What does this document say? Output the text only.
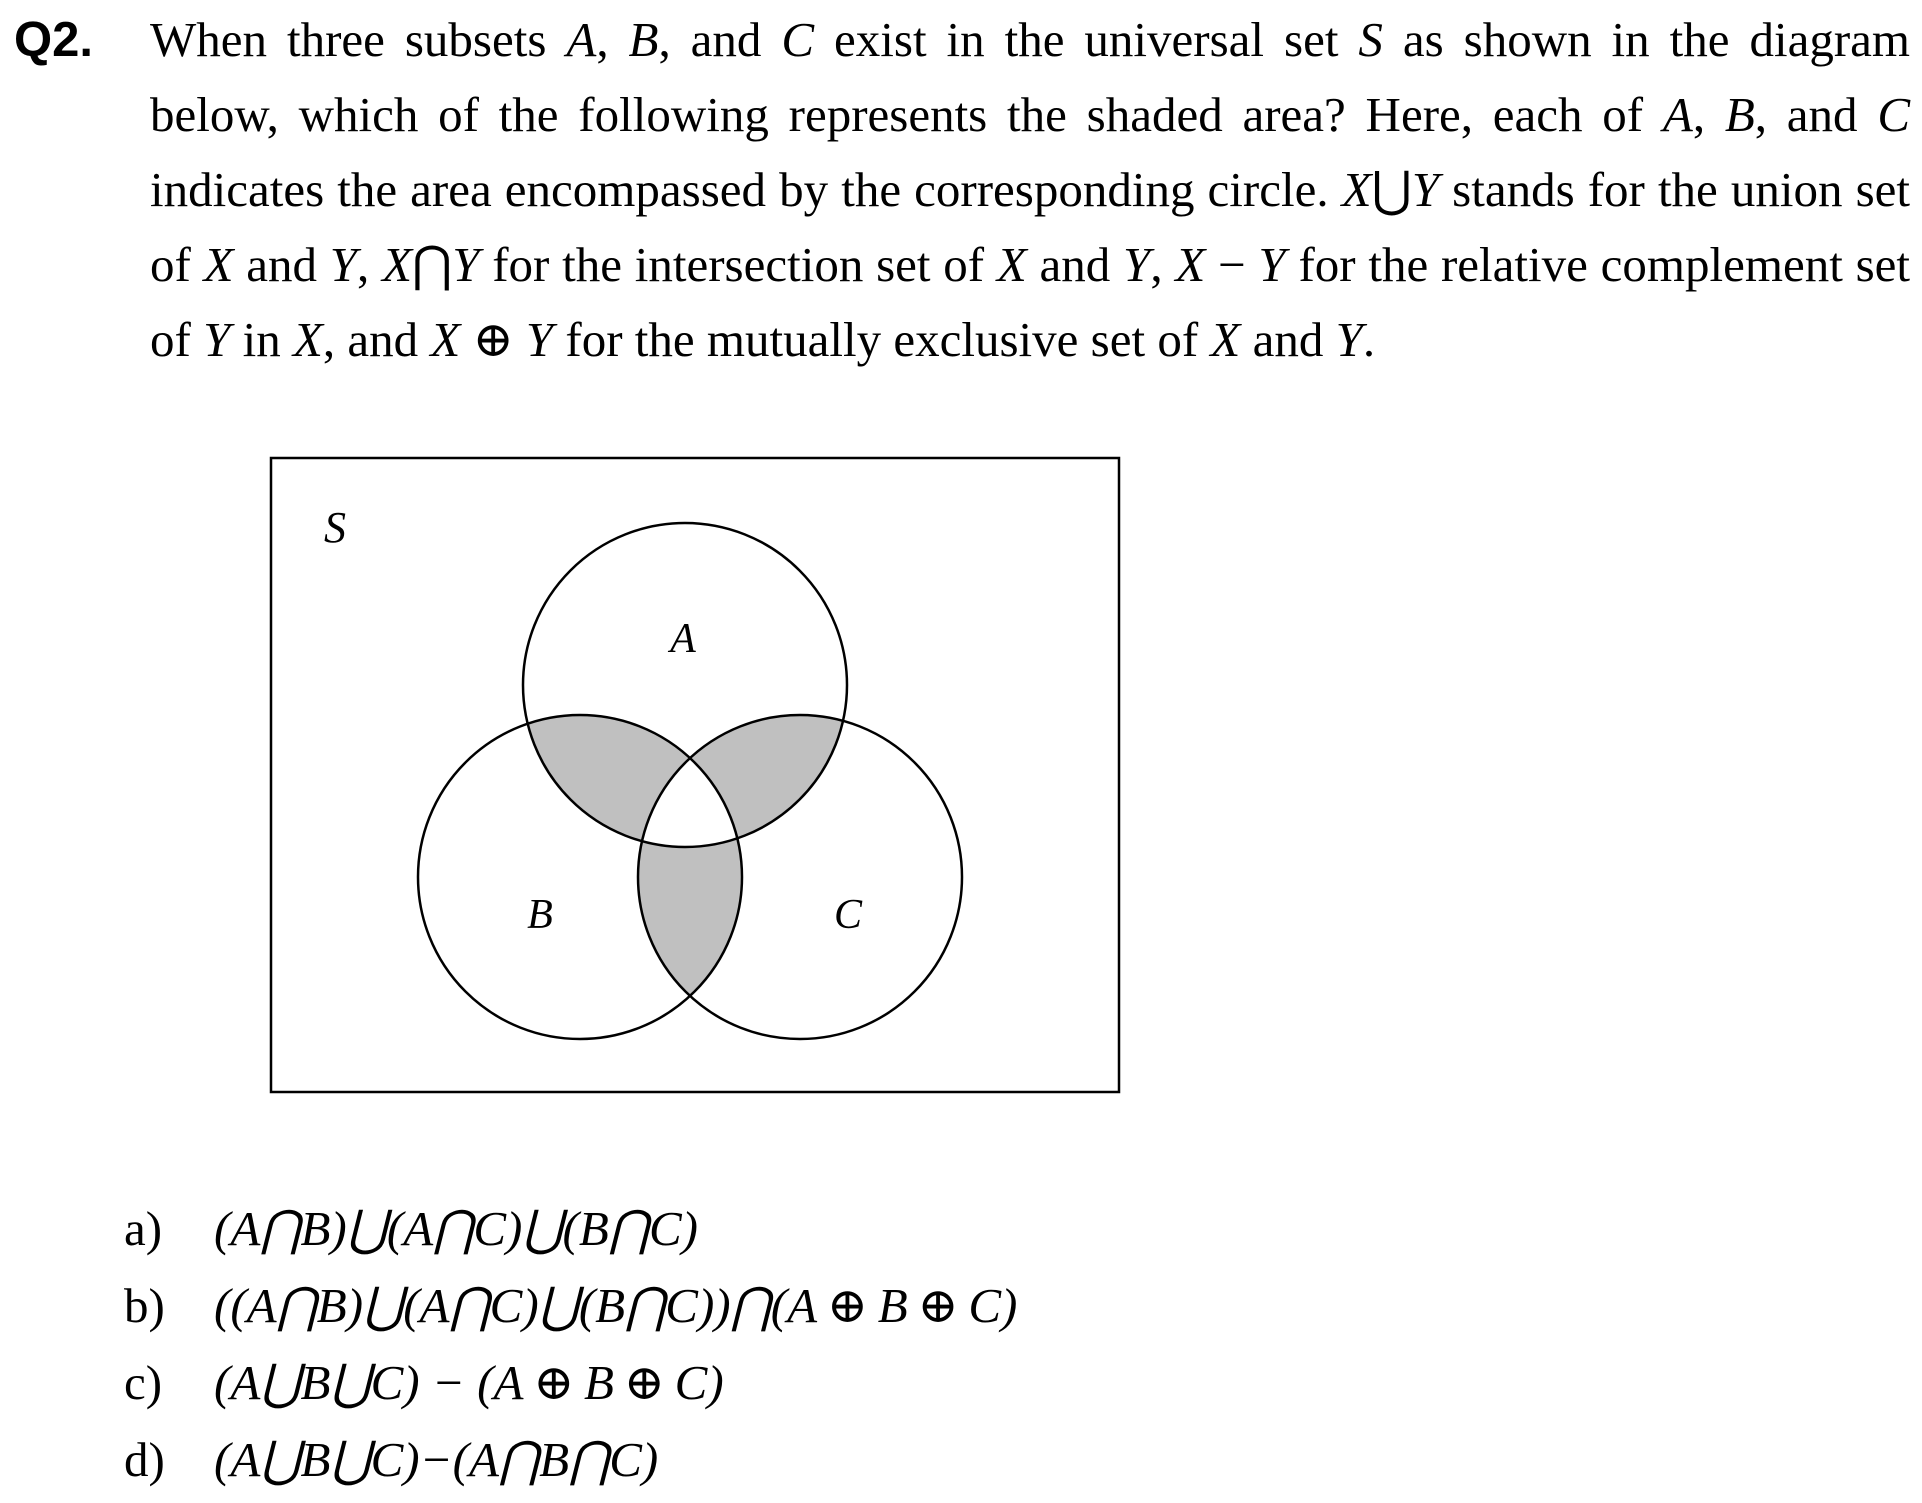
Q2. When three subsets A, B, and C exist in the universal set S as shown in the diagram below, which of the following represents the shaded area? Here, each of A, B, and C indicates the area encompassed by the corresponding circle. X⋃Y stands for the union set of X and Y, X⋂Y for the intersection set of X and Y, X − Y for the relative complement set of Y in X, and X ⊕ Y for the mutually exclusive set of X and Y.
S
A
B	C
a) (A⋂B)⋃(A⋂C)⋃(B⋂C)
b) ((A⋂B)⋃(A⋂C)⋃(B⋂C))⋂(A ⊕ B ⊕ C)
c) (A⋃B⋃C) − (A ⊕ B ⊕ C)
d) (A⋃B⋃C)−(A⋂B⋂C)
